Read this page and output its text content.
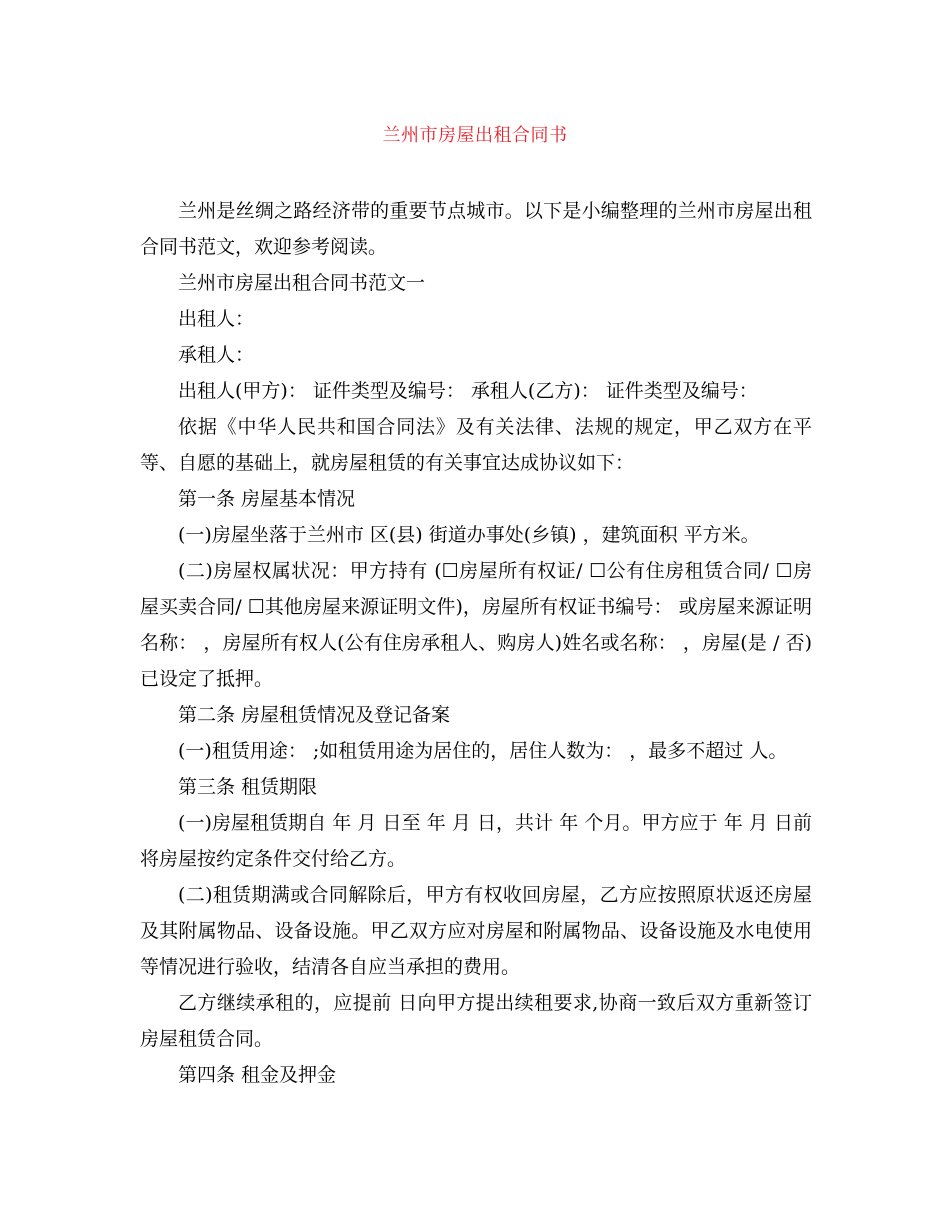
兰州市房屋出租合同书

兰州是丝绸之路经济带的重要节点城市。以下是小编整理的兰州市房屋出租合同书范文，欢迎参考阅读。

兰州市房屋出租合同书范文一

出租人：

承租人：

出租人(甲方)： 证件类型及编号： 承租人(乙方)： 证件类型及编号：

依据《中华人民共和国合同法》及有关法律、法规的规定，甲乙双方在平等、自愿的基础上，就房屋租赁的有关事宜达成协议如下：

第一条 房屋基本情况

(一)房屋坐落于兰州市 区(县) 街道办事处(乡镇) ，建筑面积 平方米。

(二)房屋权属状况：甲方持有 (☐房屋所有权证/ ☐公有住房租赁合同/ ☐房屋买卖合同/ ☐其他房屋来源证明文件)，房屋所有权证书编号： 或房屋来源证明名称： ，房屋所有权人(公有住房承租人、购房人)姓名或名称： ，房屋(是 / 否)已设定了抵押。

第二条 房屋租赁情况及登记备案

(一)租赁用途： ;如租赁用途为居住的，居住人数为： ，最多不超过 人。

第三条 租赁期限

(一)房屋租赁期自 年 月 日至 年 月 日，共计 年 个月。甲方应于 年 月 日前将房屋按约定条件交付给乙方。

(二)租赁期满或合同解除后，甲方有权收回房屋，乙方应按照原状返还房屋及其附属物品、设备设施。甲乙双方应对房屋和附属物品、设备设施及水电使用等情况进行验收，结清各自应当承担的费用。

乙方继续承租的，应提前 日向甲方提出续租要求,协商一致后双方重新签订房屋租赁合同。

第四条 租金及押金
